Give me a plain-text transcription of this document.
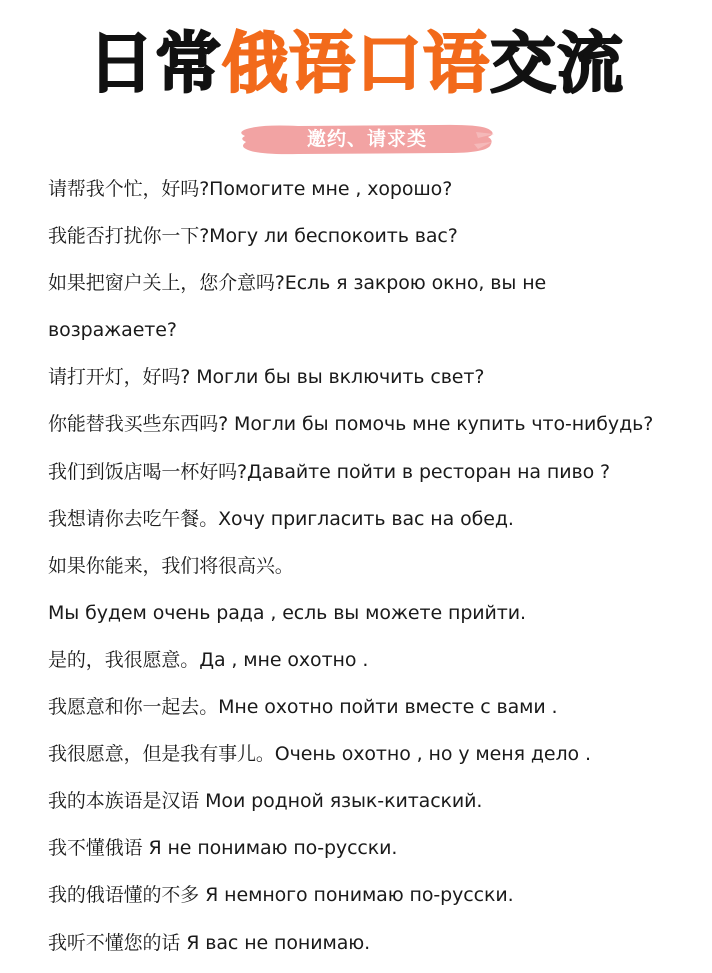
日常俄语口语交流
邀约、请求类
请帮我个忙，好吗?Помогите мне , хорошо?
我能否打扰你一下?Могу ли беспокоить вас?
如果把窗户关上，您介意吗?Есль я закрою окно, вы не
возражаете?
请打开灯，好吗? Могли бы вы включить свет?
你能替我买些东西吗? Могли бы помочь мне купить что-нибудь?
我们到饭店喝一杯好吗?Давайте пойти в ресторан на пиво ?
我想请你去吃午餐。Хочу пригласить вас на обед.
如果你能来，我们将很高兴。
Мы будем очень рада , есль вы можете прийти.
是的，我很愿意。Да , мне охотно .
我愿意和你一起去。Мне охотно пойти вместе с вами .
我很愿意，但是我有事儿。Очень охотно , но у меня дело .
我的本族语是汉语 Мои родной язык-китаский.
我不懂俄语 Я не понимаю по-русски.
我的俄语懂的不多 Я немного понимаю по-русски.
我听不懂您的话 Я вас не понимаю.
